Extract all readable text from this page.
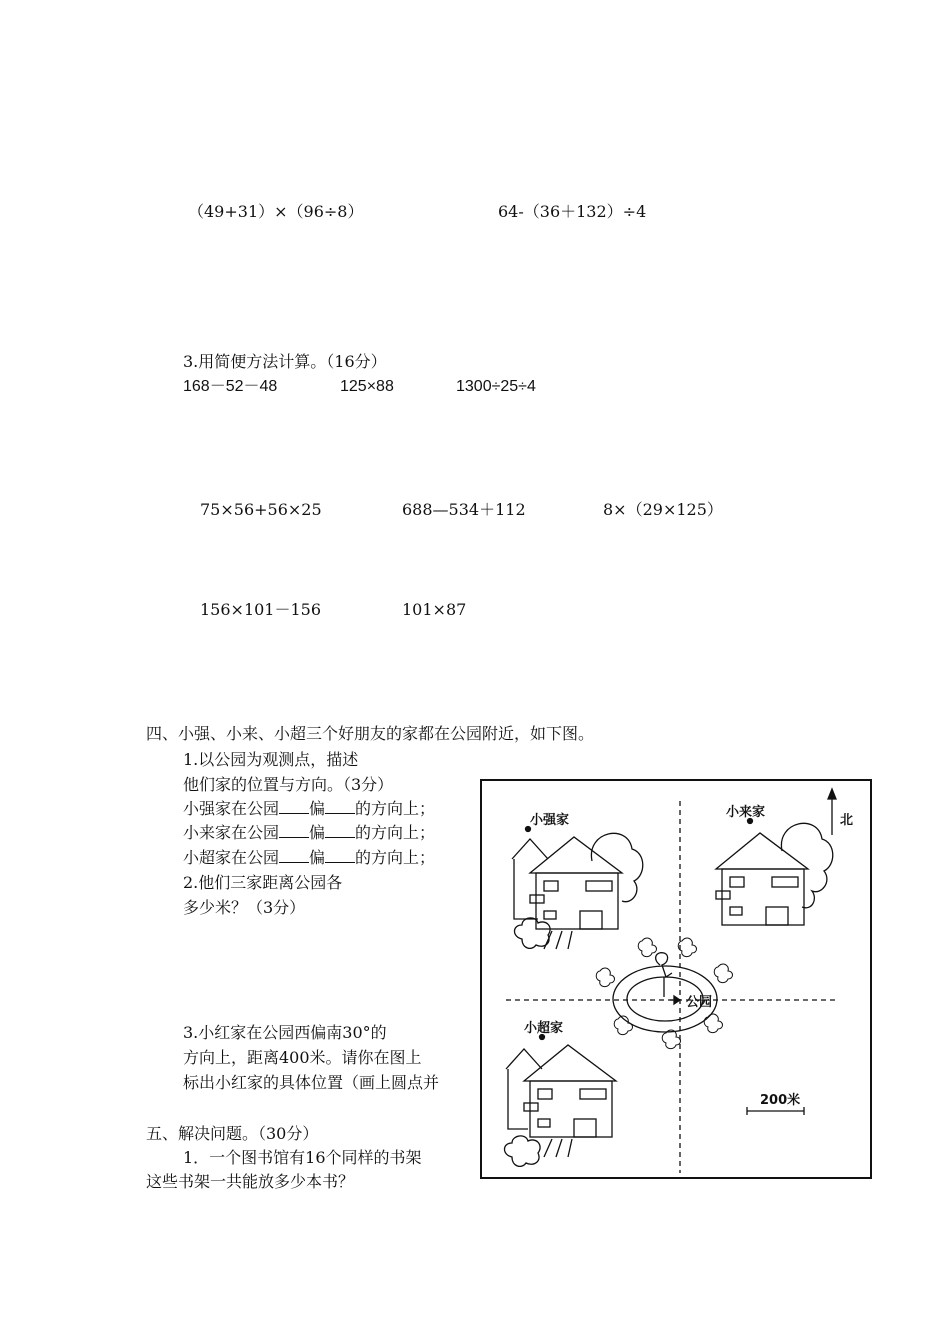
（49+31）×（96÷8）	64-（36＋132）÷4
3.用简便方法计算。（16分）
168－52－48	125×88	1300÷25÷4
75×56+56×25	688—534＋112	8×（29×125）
156×101－156	101×87
四、小强、小来、小超三个好朋友的家都在公园附近，如下图。
1.以公园为观测点，描述
他们家的位置与方向。（3分）
小强家在公园 偏 的方向上；
小来家在公园 偏 的方向上；
小超家在公园 偏 的方向上；
2.他们三家距离公园各
多少米？（3分）
3.小红家在公园西偏南30°的
方向上，距离400米。请你在图上
标出小红家的具体位置（画上圆点并
五、解决问题。（30分）
1．一个图书馆有16个同样的书架
这些书架一共能放多少本书？
小强家
小来家
小超家
公园
北
200米
